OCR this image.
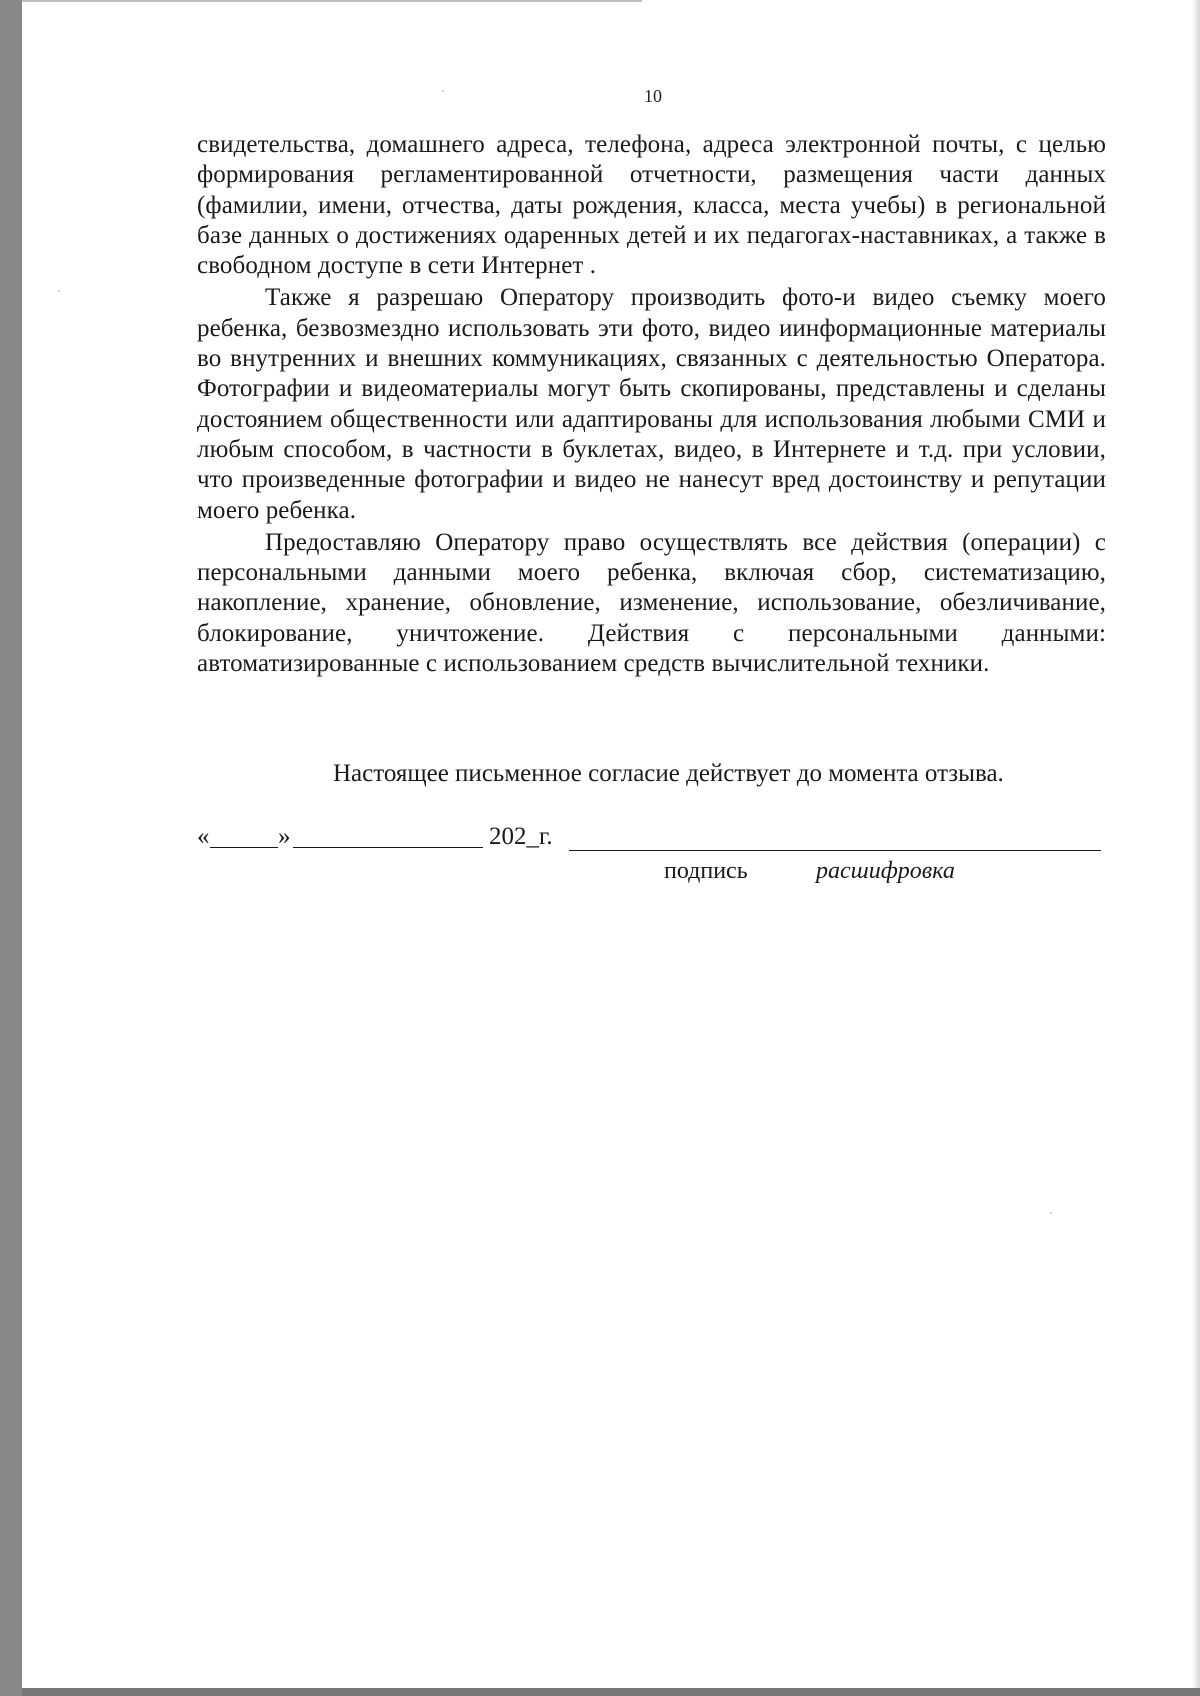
10

свидетельства, домашнего адреса, телефона, адреса электронной почты, с целью формирования регламентированной отчетности, размещения части данных (фамилии, имени, отчества, даты рождения, класса, места учебы) в региональной базе данных о достижениях одаренных детей и их педагогах-наставниках, а также в свободном доступе в сети Интернет .

Также я разрешаю Оператору производить фото-и видео съемку моего ребенка, безвозмездно использовать эти фото, видео иинформационные материалы во внутренних и внешних коммуникациях, связанных с деятельностью Оператора. Фотографии и видеоматериалы могут быть скопированы, представлены и сделаны достоянием общественности или адаптированы для использования любыми СМИ и любым способом, в частности в буклетах, видео, в Интернете и т.д. при условии, что произведенные фотографии и видео не нанесут вред достоинству и репутации моего ребенка.

Предоставляю Оператору право осуществлять все действия (операции) с персональными данными моего ребенка, включая сбор, систематизацию, накопление, хранение, обновление, изменение, использование, обезличивание, блокирование, уничтожение. Действия с персональными данными: автоматизированные с использованием средств вычислительной техники.

Настоящее письменное согласие действует до момента отзыва.
«	»	202_г.
подпись	расшифровка
